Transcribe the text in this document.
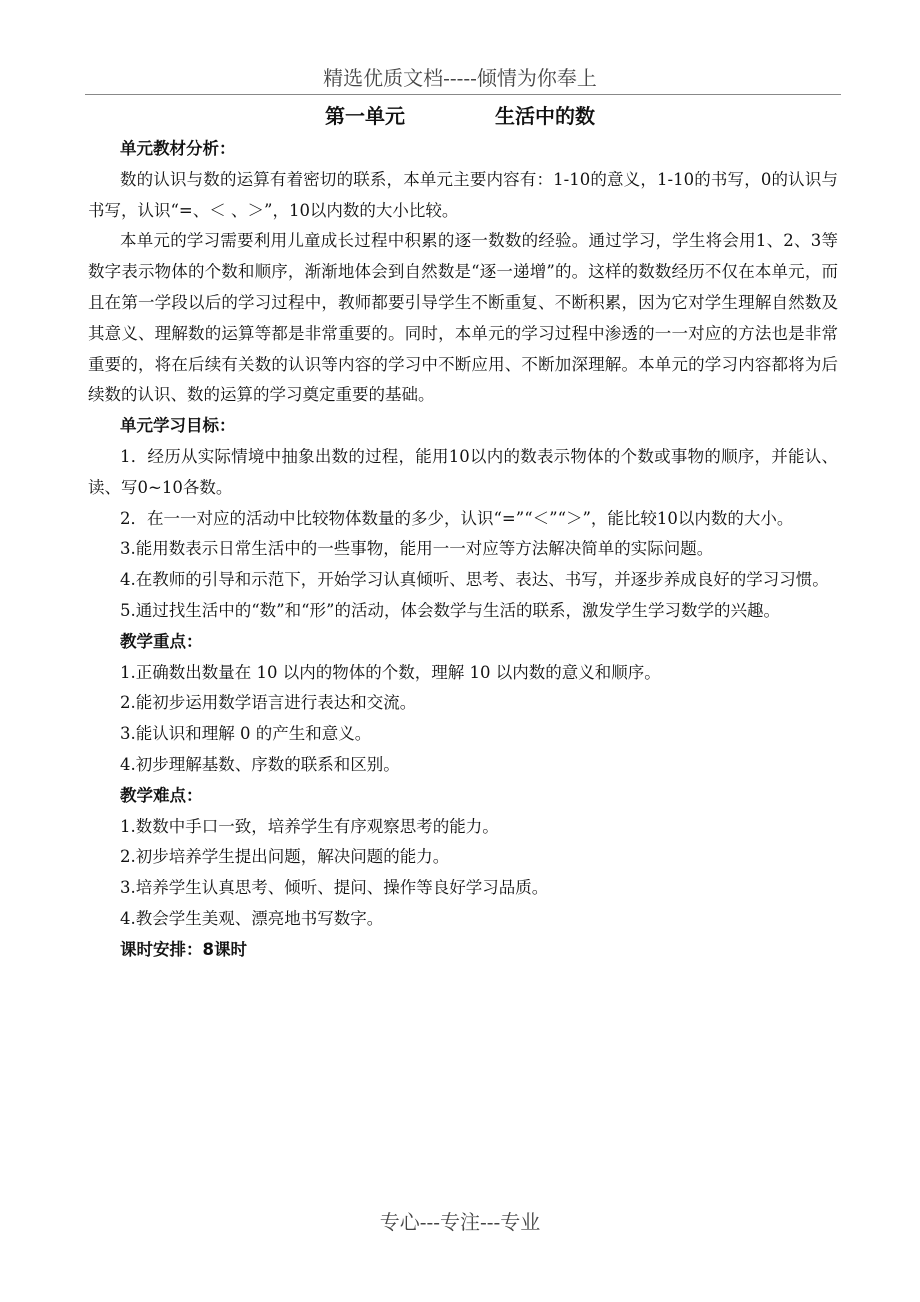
精选优质文档-----倾情为你奉上
第一单元	生活中的数
单元教材分析：

数的认识与数的运算有着密切的联系，本单元主要内容有：1-10的意义，1-10的书写，0的认识与书写，认识“=、＜ 、＞”，10以内数的大小比较。

本单元的学习需要利用儿童成长过程中积累的逐一数数的经验。通过学习，学生将会用1、2、3等数字表示物体的个数和顺序，渐渐地体会到自然数是“逐一递增”的。这样的数数经历不仅在本单元，而且在第一学段以后的学习过程中，教师都要引导学生不断重复、不断积累，因为它对学生理解自然数及其意义、理解数的运算等都是非常重要的。同时，本单元的学习过程中渗透的一一对应的方法也是非常重要的，将在后续有关数的认识等内容的学习中不断应用、不断加深理解。本单元的学习内容都将为后续数的认识、数的运算的学习奠定重要的基础。

单元学习目标：

1．经历从实际情境中抽象出数的过程，能用10以内的数表示物体的个数或事物的顺序，并能认、读、写0~10各数。

2．在一一对应的活动中比较物体数量的多少，认识“=”“＜”“＞”，能比较10以内数的大小。

3.能用数表示日常生活中的一些事物，能用一一对应等方法解决简单的实际问题。

4.在教师的引导和示范下，开始学习认真倾听、思考、表达、书写，并逐步养成良好的学习习惯。

5.通过找生活中的“数”和“形”的活动，体会数学与生活的联系，激发学生学习数学的兴趣。

教学重点：

1.正确数出数量在 10 以内的物体的个数，理解 10 以内数的意义和顺序。

2.能初步运用数学语言进行表达和交流。

3.能认识和理解 0 的产生和意义。

4.初步理解基数、序数的联系和区别。

教学难点：

1.数数中手口一致，培养学生有序观察思考的能力。

2.初步培养学生提出问题，解决问题的能力。

3.培养学生认真思考、倾听、提问、操作等良好学习品质。

4.教会学生美观、漂亮地书写数字。

课时安排：8课时
专心---专注---专业
